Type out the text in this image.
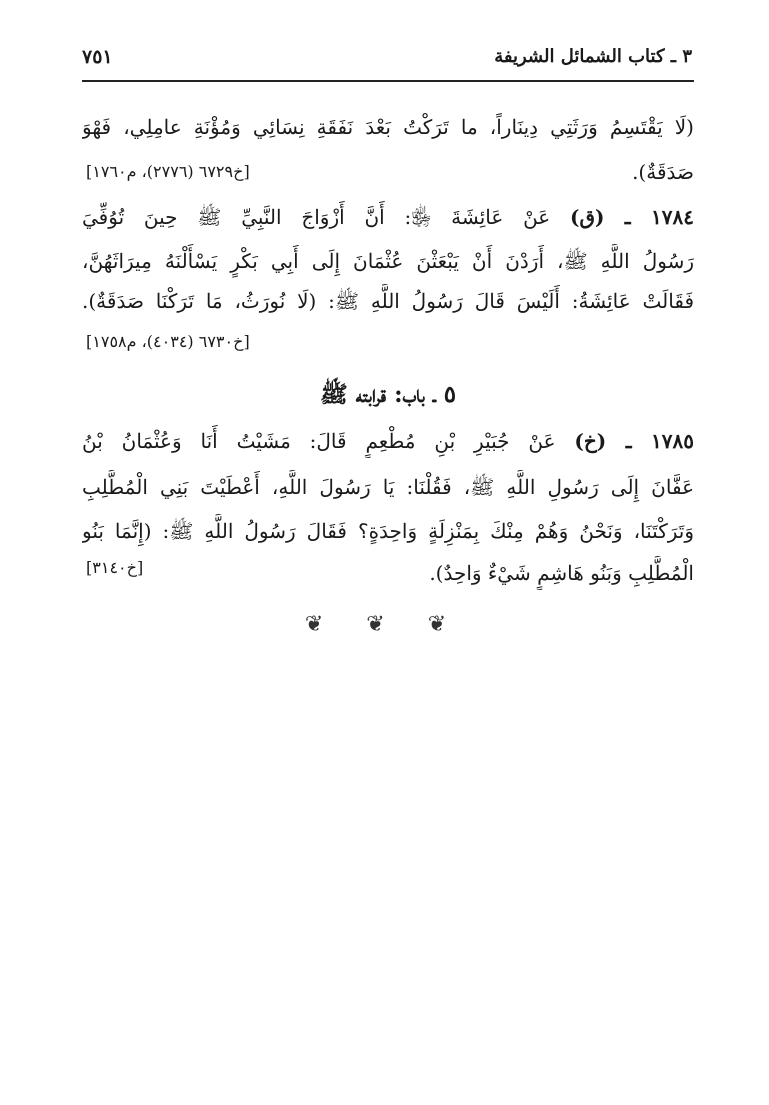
٣ ـ كتاب الشمائل الشريفة
٧٥١
(لَا يَقْتَسِمُ وَرَثَتِي دِينَاراً، ما تَرَكْتُ بَعْدَ نَفَقَةِ نِسَائِي وَمُؤْنَةِ عامِلِي، فَهْوَ
صَدَقَةٌ).
[خ٦٧٢٩ (٢٧٧٦)، م١٧٦٠]
١٧٨٤ ـ (ق) عَنْ عَائِشَةَ ﵂: أَنَّ أَزْوَاجَ النَّبِيِّ ﷺ حِينَ تُوُفِّيَ
رَسُولُ اللَّهِ ﷺ، أَرَدْنَ أَنْ يَبْعَثْنَ عُثْمَانَ إِلَى أَبِي بَكْرٍ يَسْأَلْنَهُ مِيرَاثَهُنَّ،
فَقَالَتْ عَائِشَةُ: أَلَيْسَ قَالَ رَسُولُ اللَّهِ ﷺ: (لَا نُورَثُ، مَا تَرَكْنَا صَدَقَةٌ).
[خ٦٧٣٠ (٤٠٣٤)، م١٧٥٨]
٥ ـ باب: قرابته ﷺ
١٧٨٥ ـ (خ) عَنْ جُبَيْرِ بْنِ مُطْعِمٍ قَالَ: مَشَيْتُ أَنَا وَعُثْمَانُ بْنُ
عَفَّانَ إِلَى رَسُولِ اللَّهِ ﷺ، فَقُلْنَا: يَا رَسُولَ اللَّهِ، أَعْطَيْتَ بَنِي الْمُطَّلِبِ
وَتَرَكْتَنَا، وَنَحْنُ وَهُمْ مِنْكَ بِمَنْزِلَةٍ وَاحِدَةٍ؟ فَقَالَ رَسُولُ اللَّهِ ﷺ: (إِنَّمَا بَنُو
الْمُطَّلِبِ وَبَنُو هَاشِمٍ شَيْءٌ وَاحِدٌ).
[خ٣١٤٠]
❦ ❦ ❦
